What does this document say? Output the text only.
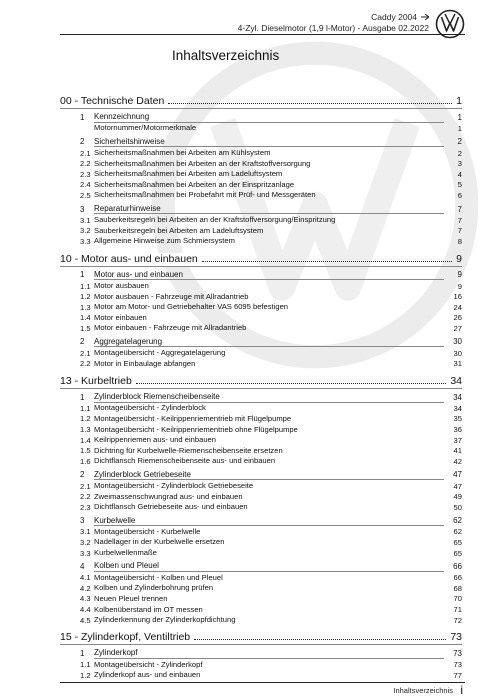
Caddy 2004
4-Zyl. Dieselmotor (1,9 l-Motor) - Ausgabe 02.2022
Inhaltsverzeichnis
00 - Technische Daten	1
1	Kennzeichnung	1
Motornummer/Motormerkmale	1
2	Sicherheitshinweise	2
2.1 Sicherheitsmaßnahmen bei Arbeiten am Kühlsystem	2
2.2 Sicherheitsmaßnahmen bei Arbeiten an der Kraftstoffversorgung	3
2.3 Sicherheitsmaßnahmen bei Arbeiten am Ladeluftsystem	4
2.4 Sicherheitsmaßnahmen bei Arbeiten an der Einspritzanlage	5
2.5 Sicherheitsmaßnahmen bei Probefahrt mit Prüf- und Messgeräten	6
3	Reparaturhinweise	7
3.1 Sauberkeitsregeln bei Arbeiten an der Kraftstoffversorgung/Einspritzung	7
3.2 Sauberkeitsregeln bei Arbeiten am Ladeluftsystem	7
3.3 Allgemeine Hinweise zum Schmiersystem	8
10 - Motor aus- und einbauen	9
1	Motor aus- und einbauen	9
1.1 Motor ausbauen	9
1.2 Motor ausbauen - Fahrzeuge mit Allradantrieb	16
1.3 Motor am Motor- und Getriebehalter VAS 6095 befestigen	24
1.4 Motor einbauen	26
1.5 Motor einbauen - Fahrzeuge mit Allradantrieb	27
2	Aggregatelagerung	30
2.1 Montageübersicht - Aggregatelagerung	30
2.2 Motor in Einbaulage abfangen	31
13 - Kurbeltrieb	34
1	Zylinderblock Riemenscheibenseite	34
1.1 Montageübersicht - Zylinderblock	34
1.2 Montageübersicht - Keilrippenriementrieb mit Flügelpumpe	35
1.3 Montageübersicht - Keilrippenriementrieb ohne Flügelpumpe	36
1.4 Keilrippenriemen aus- und einbauen	37
1.5 Dichtring für Kurbelwelle-Riemenscheibenseite ersetzen	41
1.6 Dichtflansch Riemenscheibenseite aus- und einbauen	42
2	Zylinderblock Getriebeseite	47
2.1 Montageübersicht - Zylinderblock Getriebeseite	47
2.2 Zweimassenschwungrad aus- und einbauen	49
2.3 Dichtflansch Getriebeseite aus- und einbauen	50
3	Kurbelwelle	62
3.1 Montageübersicht - Kurbelwelle	62
3.2 Nadellager in der Kurbelwelle ersetzen	65
3.3 Kurbelwellenmaße	65
4	Kolben und Pleuel	66
4.1 Montageübersicht - Kolben und Pleuel	66
4.2 Kolben und Zylinderbohrung prüfen	68
4.3 Neuen Pleuel trennen	70
4.4 Kolbenüberstand im OT messen	71
4.5 Zylinderkennung der Zylinderkopfdichtung	72
15 - Zylinderkopf, Ventiltrieb	73
1	Zylinderkopf	73
1.1 Montageübersicht - Zylinderkopf	73
1.2 Zylinderkopf aus- und einbauen	77
Inhaltsverzeichnis i
